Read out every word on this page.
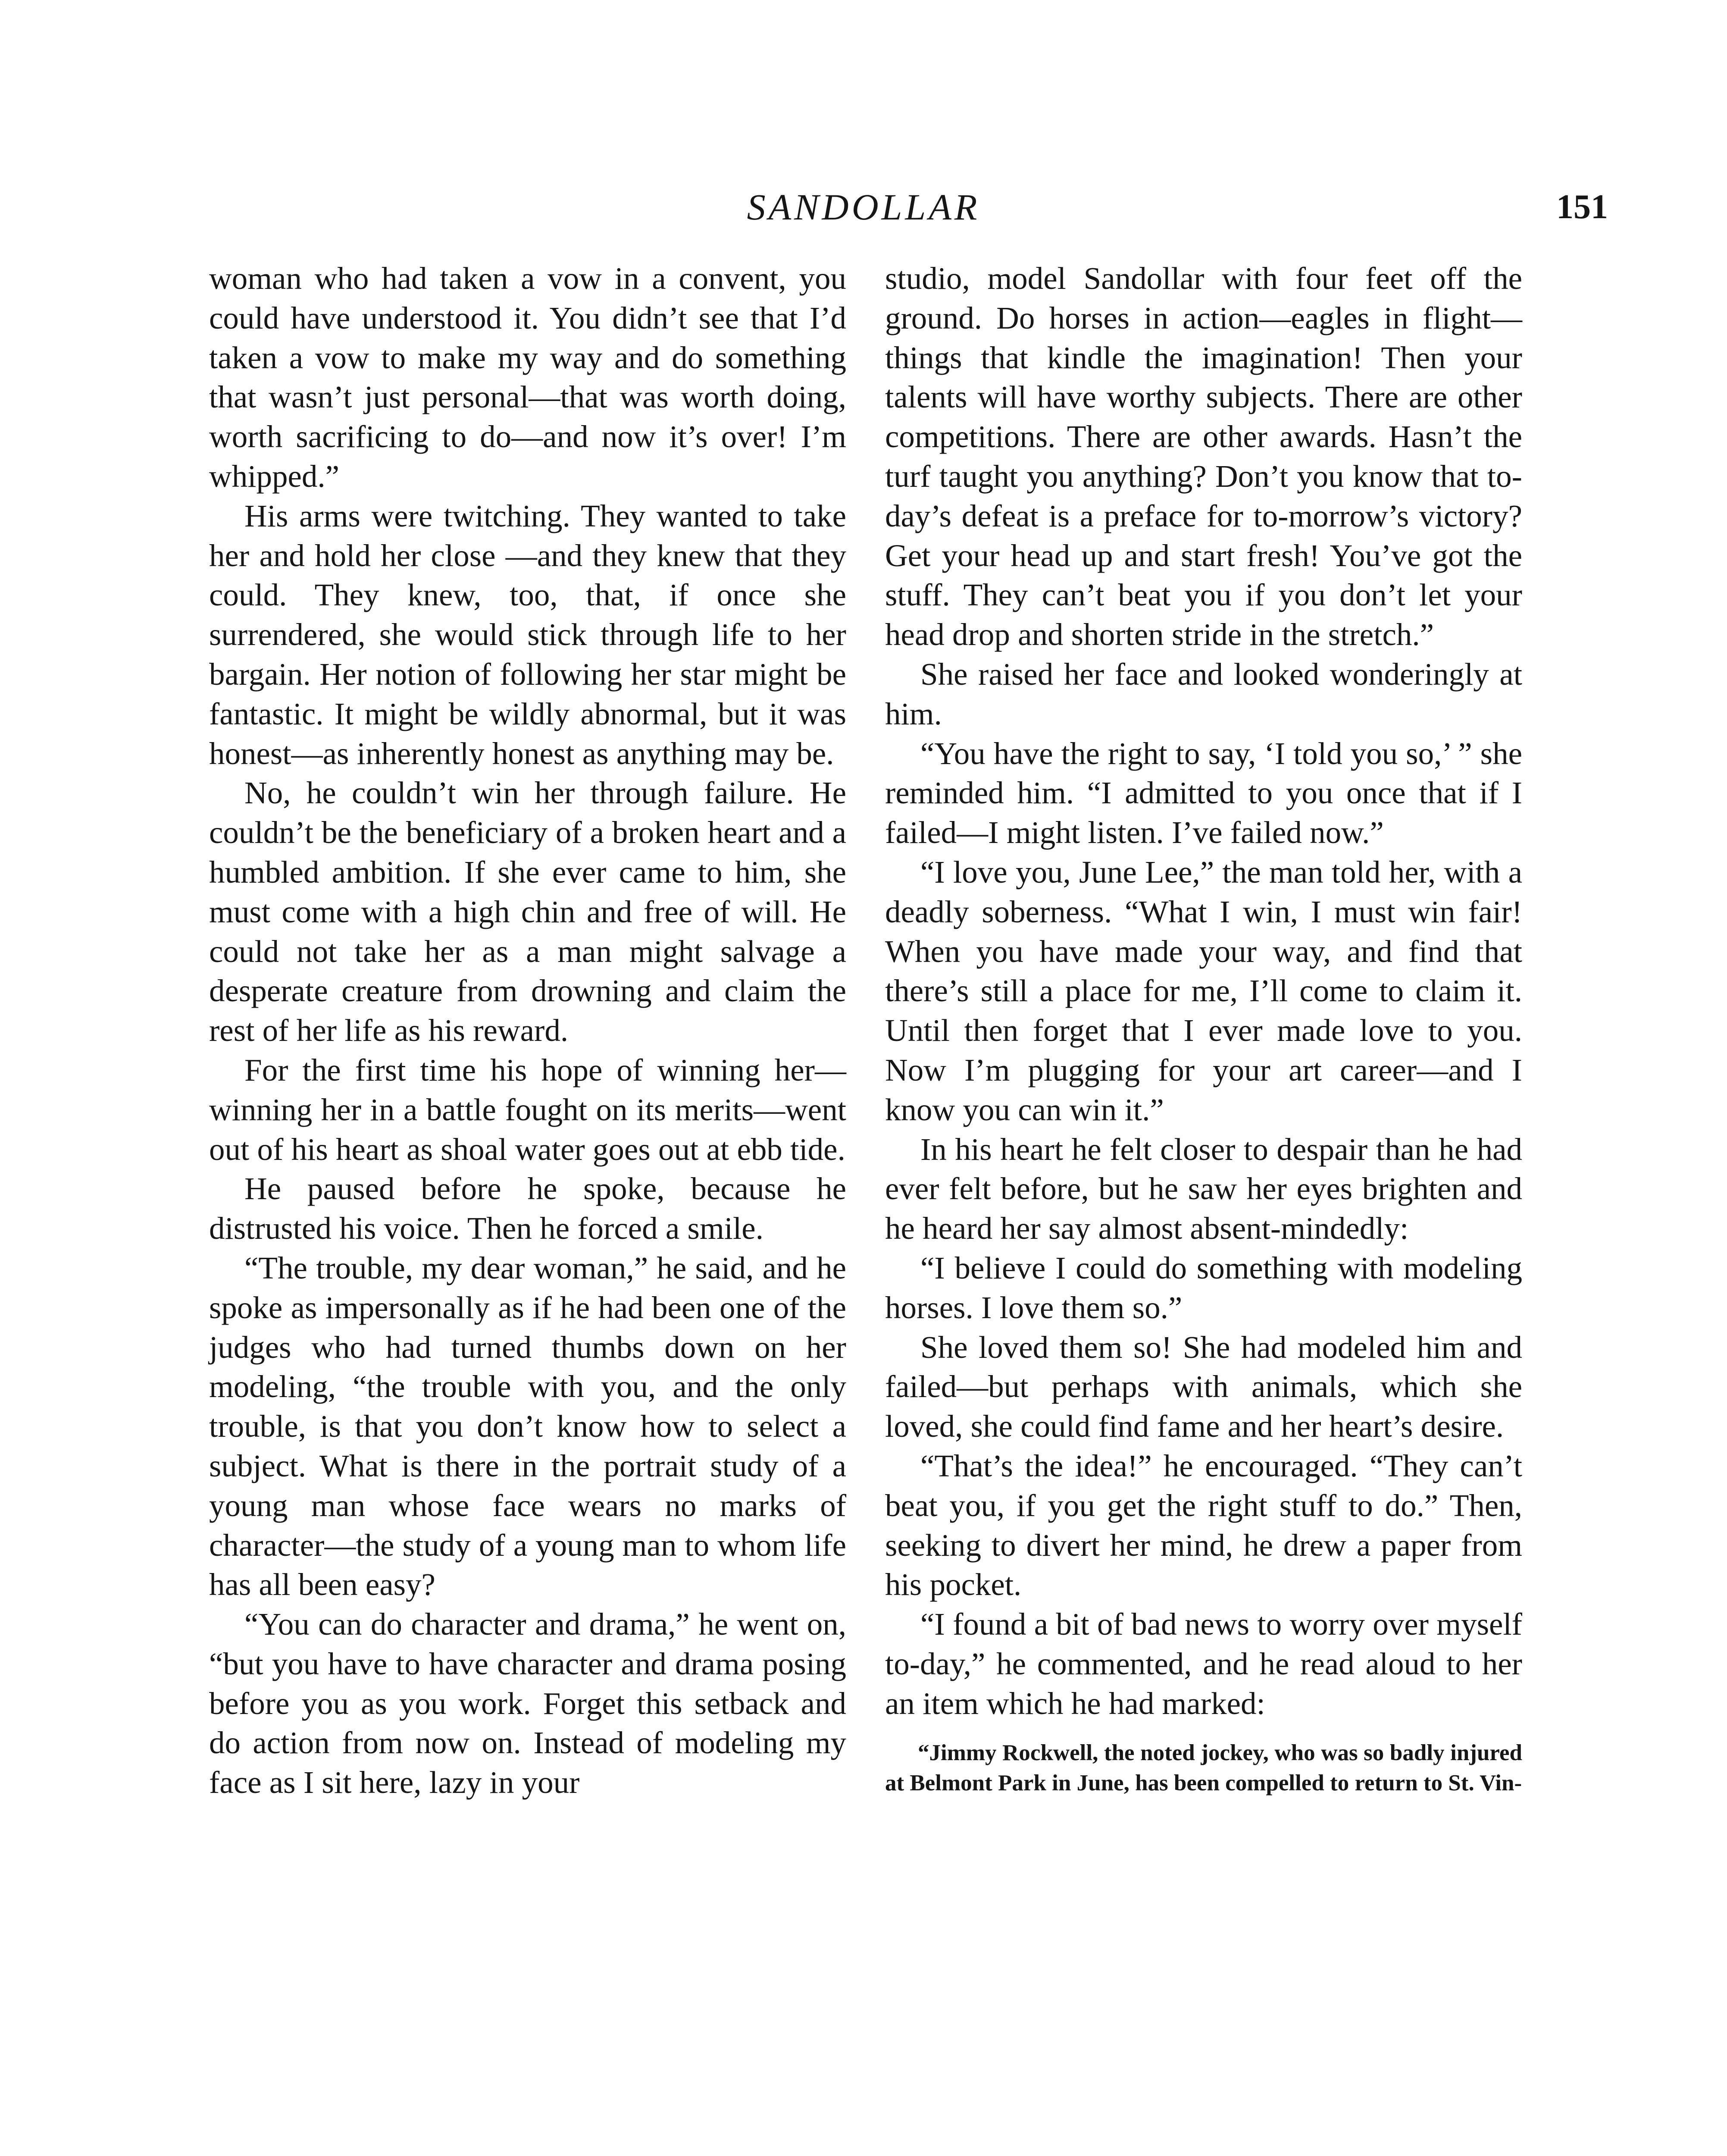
SANDOLLAR	151

woman who had taken a vow in a convent, you could have understood it. You didn’t see that I’d taken a vow to make my way and do something that wasn’t just personal—that was worth doing, worth sacrificing to do—and now it’s over! I’m whipped.”

His arms were twitching. They wanted to take her and hold her close —and they knew that they could. They knew, too, that, if once she surrendered, she would stick through life to her bargain. Her notion of following her star might be fantastic. It might be wildly abnormal, but it was honest—as inherently honest as anything may be.

No, he couldn’t win her through failure. He couldn’t be the beneficiary of a broken heart and a humbled ambition. If she ever came to him, she must come with a high chin and free of will. He could not take her as a man might salvage a desperate creature from drowning and claim the rest of her life as his reward.

For the first time his hope of winning her—winning her in a battle fought on its merits—went out of his heart as shoal water goes out at ebb tide.

He paused before he spoke, because he distrusted his voice. Then he forced a smile.

“The trouble, my dear woman,” he said, and he spoke as impersonally as if he had been one of the judges who had turned thumbs down on her modeling, “the trouble with you, and the only trouble, is that you don’t know how to select a subject. What is there in the portrait study of a young man whose face wears no marks of character—the study of a young man to whom life has all been easy?

“You can do character and drama,” he went on, “but you have to have character and drama posing before you as you work. Forget this setback and do action from now on. Instead of modeling my face as I sit here, lazy in your

studio, model Sandollar with four feet off the ground. Do horses in action—eagles in flight—things that kindle the imagination! Then your talents will have worthy subjects. There are other competitions. There are other awards. Hasn’t the turf taught you anything? Don’t you know that to-day’s defeat is a preface for to-morrow’s victory? Get your head up and start fresh! You’ve got the stuff. They can’t beat you if you don’t let your head drop and shorten stride in the stretch.”

She raised her face and looked wonderingly at him.

“You have the right to say, ‘I told you so,’ ” she reminded him. “I admitted to you once that if I failed—I might listen. I’ve failed now.”

“I love you, June Lee,” the man told her, with a deadly soberness. “What I win, I must win fair! When you have made your way, and find that there’s still a place for me, I’ll come to claim it. Until then forget that I ever made love to you. Now I’m plugging for your art career—and I know you can win it.”

In his heart he felt closer to despair than he had ever felt before, but he saw her eyes brighten and he heard her say almost absent-mindedly:

“I believe I could do something with modeling horses. I love them so.”

She loved them so! She had modeled him and failed—but perhaps with animals, which she loved, she could find fame and her heart’s desire.

“That’s the idea!” he encouraged. “They can’t beat you, if you get the right stuff to do.” Then, seeking to divert her mind, he drew a paper from his pocket.

“I found a bit of bad news to worry over myself to-day,” he commented, and he read aloud to her an item which he had marked:

“Jimmy Rockwell, the noted jockey, who was so badly injured at Belmont Park in June, has been compelled to return to St. Vin-
